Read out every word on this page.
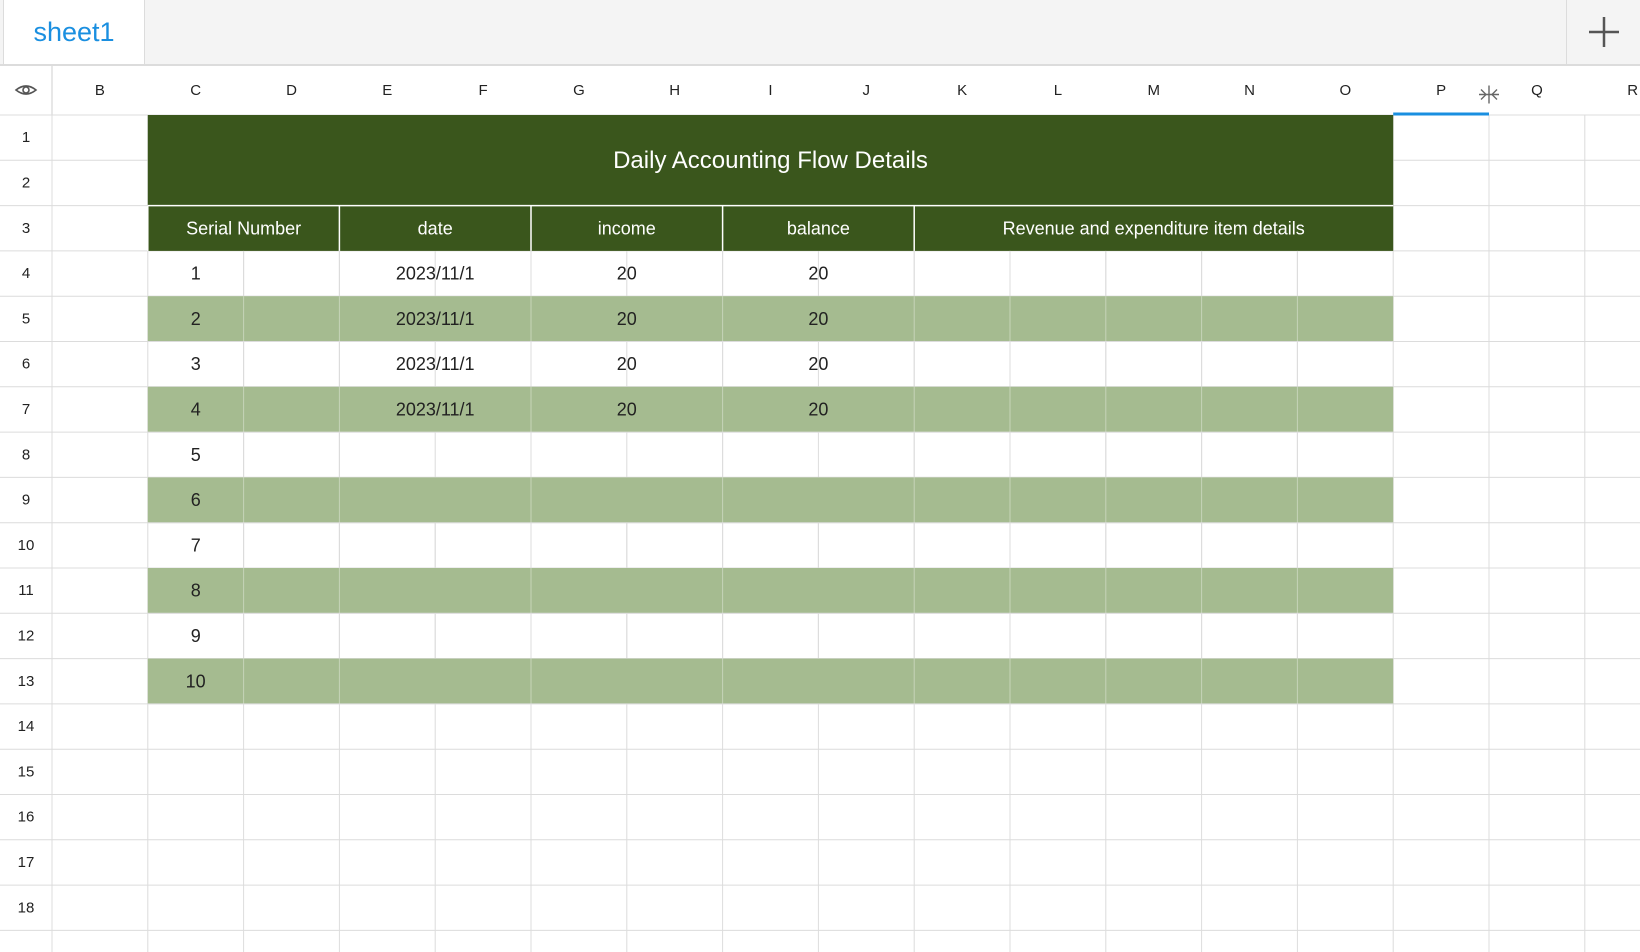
sheet1
B	C	D	E	F	G	H	I	J	K	L	M	N	O	P	Q	R
1
2
3
4
5
6
7
8
9
10
11
12
13
14
15
16
17
18
Daily Accounting Flow Details
Serial Number	date	income	balance	Revenue and expenditure item details
1	2023/11/1	20	20
2	2023/11/1	20	20
3	2023/11/1	20	20
4	2023/11/1	20	20
5
6
7
8
9
10
